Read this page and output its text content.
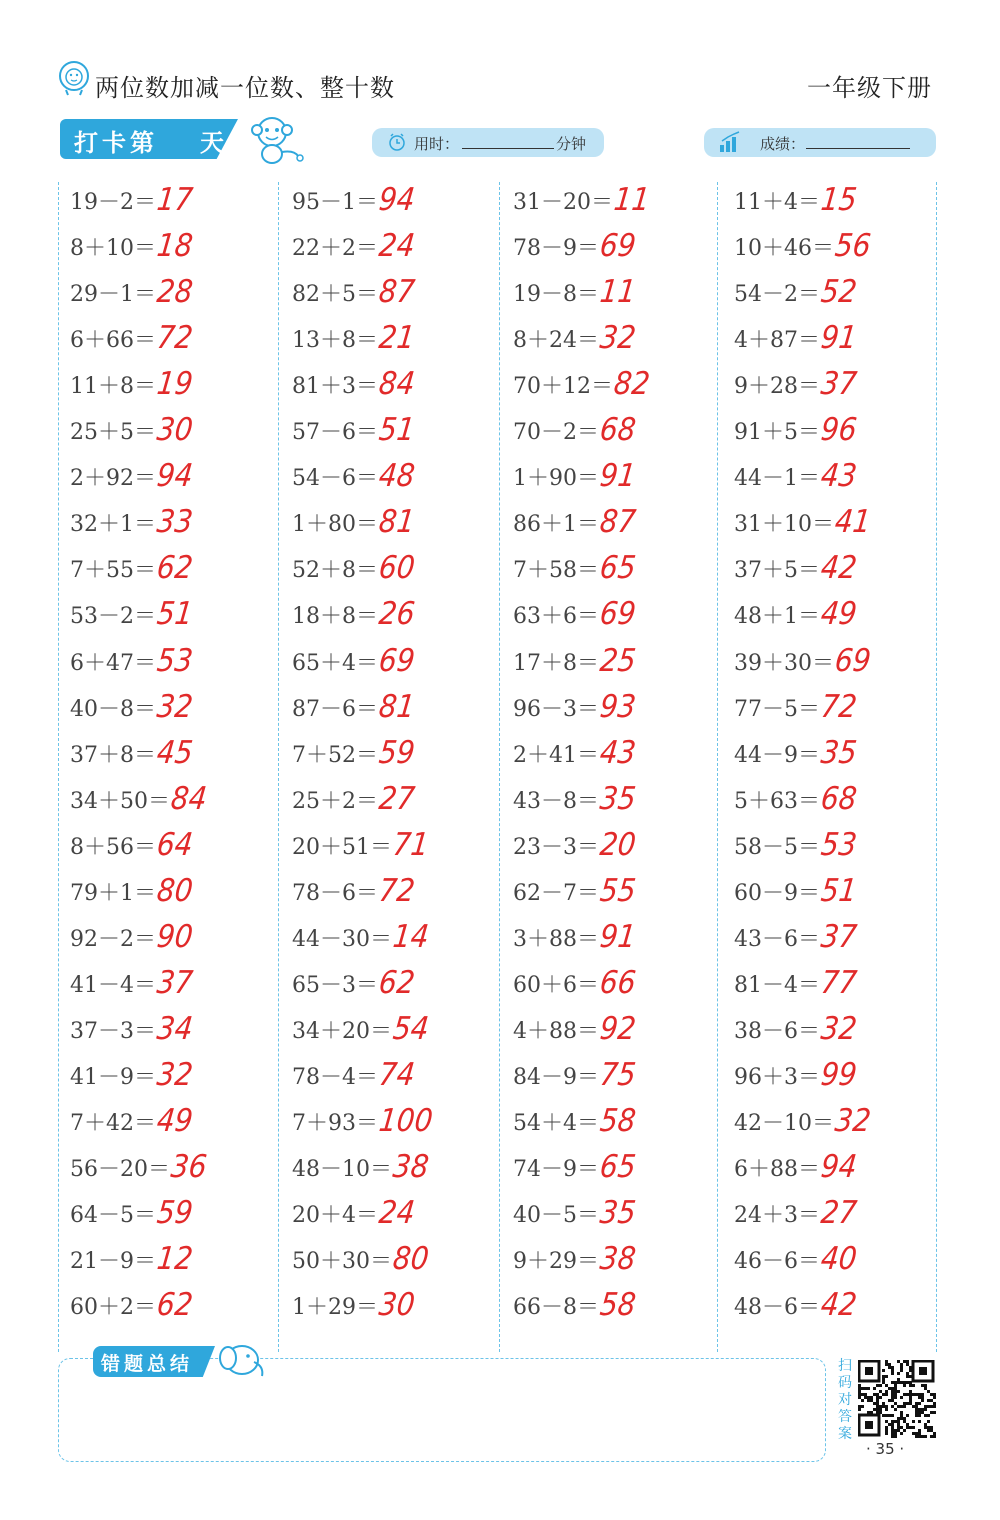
两位数加减一位数、整十数	一年级下册
打卡第 天	用时：	分钟	成绩：
19－2＝17
8＋10＝18
29－1＝28
6＋66＝72
11＋8＝19
25＋5＝30
2＋92＝94
32＋1＝33
7＋55＝62
53－2＝51
6＋47＝53
40－8＝32
37＋8＝45
34＋50＝84
8＋56＝64
79＋1＝80
92－2＝90
41－4＝37
37－3＝34
41－9＝32
7＋42＝49
56－20＝36
64－5＝59
21－9＝12
60＋2＝62
95－1＝94
22＋2＝24
82＋5＝87
13＋8＝21
81＋3＝84
57－6＝51
54－6＝48
1＋80＝81
52＋8＝60
18＋8＝26
65＋4＝69
87－6＝81
7＋52＝59
25＋2＝27
20＋51＝71
78－6＝72
44－30＝14
65－3＝62
34＋20＝54
78－4＝74
7＋93＝100
48－10＝38
20＋4＝24
50＋30＝80
1＋29＝30
31－20＝11
78－9＝69
19－8＝11
8＋24＝32
70＋12＝82
70－2＝68
1＋90＝91
86＋1＝87
7＋58＝65
63＋6＝69
17＋8＝25
96－3＝93
2＋41＝43
43－8＝35
23－3＝20
62－7＝55
3＋88＝91
60＋6＝66
4＋88＝92
84－9＝75
54＋4＝58
74－9＝65
40－5＝35
9＋29＝38
66－8＝58
11＋4＝15
10＋46＝56
54－2＝52
4＋87＝91
9＋28＝37
91＋5＝96
44－1＝43
31＋10＝41
37＋5＝42
48＋1＝49
39＋30＝69
77－5＝72
44－9＝35
5＋63＝68
58－5＝53
60－9＝51
43－6＝37
81－4＝77
38－6＝32
96＋3＝99
42－10＝32
6＋88＝94
24＋3＝27
46－6＝40
48－6＝42
错题总结	扫码对答案
· 35 ·
